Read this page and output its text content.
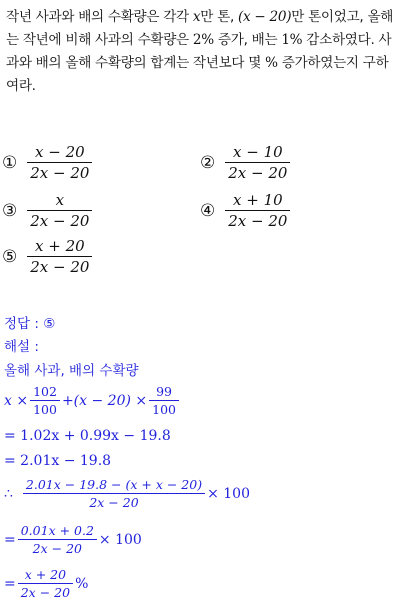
작년 사과와 배의 수확량은 각각 x만 톤, (x − 20)만 톤이었고, 올해는 작년에 비해 사과의 수확량은 2% 증가, 배는 1% 감소하였다. 사과와 배의 올해 수확량의 합계는 작년보다 몇 % 증가하였는지 구하여라.
① $\frac{x - 20}{2x - 20}$	② $\frac{x - 10}{2x - 20}$
③ $\frac{x}{2x - 20}$	④ $\frac{x + 10}{2x - 20}$
⑤ $\frac{x + 20}{2x - 20}$
정답 : ⑤
해설 :
올해 사과, 배의 수확량
$x \times \frac{102}{100} +(x - 20) \times \frac{99}{100}$
= 1.02x + 0.99x − 19.8
= 2.01x − 19.8
∴ $\frac{2.01x - 19.8 - (x + x - 20)}{2x - 20} \times 100$
= $\frac{0.01x + 0.2}{2x - 20} \times 100$
= $\frac{x + 20}{2x - 20}$ %
